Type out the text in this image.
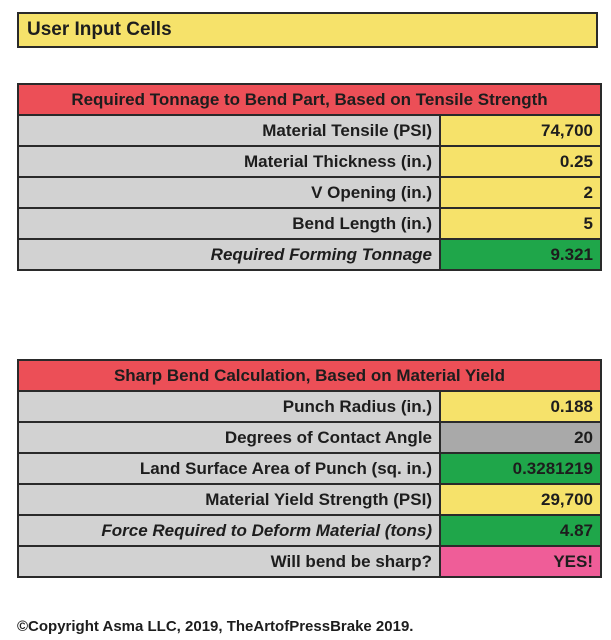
User Input Cells
Required Tonnage to Bend Part, Based on Tensile Strength	
Material Tensile (PSI)	74,700
Material Thickness (in.)	0.25
V Opening (in.)	2
Bend Length (in.)	5
Required Forming Tonnage	9.321
Sharp Bend Calculation, Based on Material Yield	
Punch Radius (in.)	0.188
Degrees of Contact Angle	20
Land Surface Area of Punch (sq. in.)	0.3281219
Material Yield Strength (PSI)	29,700
Force Required to Deform Material (tons)	4.87
Will bend be sharp?	YES!
©Copyright Asma LLC, 2019, TheArtofPressBrake 2019.
